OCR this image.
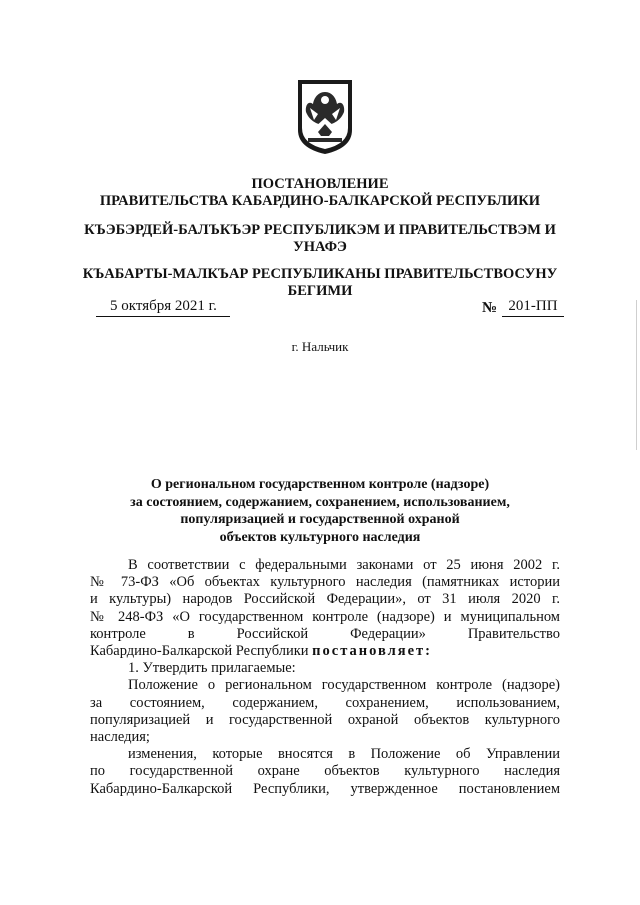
ПОСТАНОВЛЕНИЕ
ПРАВИТЕЛЬСТВА КАБАРДИНО-БАЛКАРСКОЙ РЕСПУБЛИКИ
КЪЭБЭРДЕЙ-БАЛЪКЪЭР РЕСПУБЛИКЭМ И ПРАВИТЕЛЬСТВЭМ И
УНАФЭ
КЪАБАРТЫ-МАЛКЪАР РЕСПУБЛИКАНЫ ПРАВИТЕЛЬСТВОСУНУ
БЕГИМИ
5 октября 2021 г.	№ 201-ПП
г. Нальчик
О региональном государственном контроле (надзоре)
за состоянием, содержанием, сохранением, использованием,
популяризацией и государственной охраной
объектов культурного наследия

В соответствии с федеральными законами от 25 июня 2002 г.

№ 73-ФЗ «Об объектах культурного наследия (памятниках истории

и культуры) народов Российской Федерации», от 31 июля 2020 г.

№ 248-ФЗ «О государственном контроле (надзоре) и муниципальном

контроле в Российской Федерации» Правительство

Кабардино-Балкарской Республики постановляет:

1. Утвердить прилагаемые:

Положение о региональном государственном контроле (надзоре)

за состоянием, содержанием, сохранением, использованием,

популяризацией и государственной охраной объектов культурного

наследия;

изменения, которые вносятся в Положение об Управлении

по государственной охране объектов культурного наследия

Кабардино-Балкарской Республики, утвержденное постановлением
